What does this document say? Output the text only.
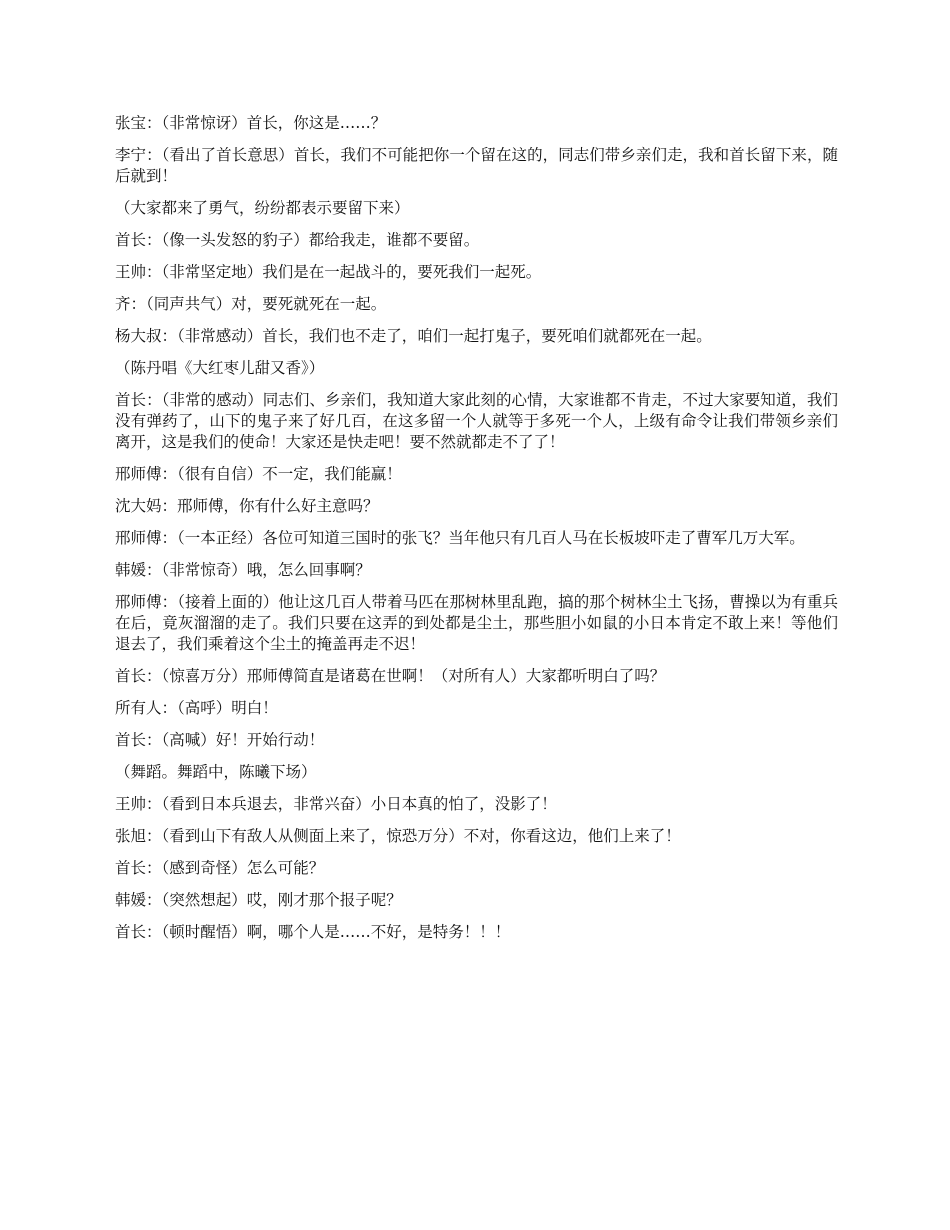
张宝：（非常惊讶）首长，你这是……？

李宁：（看出了首长意思）首长，我们不可能把你一个留在这的，同志们带乡亲们走，我和首长留下来，随后就到！

（大家都来了勇气，纷纷都表示要留下来）

首长：（像一头发怒的豹子）都给我走，谁都不要留。

王帅：（非常坚定地）我们是在一起战斗的，要死我们一起死。

齐：（同声共气）对，要死就死在一起。

杨大叔：（非常感动）首长，我们也不走了，咱们一起打鬼子，要死咱们就都死在一起。

（陈丹唱《大红枣儿甜又香》）

首长：（非常的感动）同志们、乡亲们，我知道大家此刻的心情，大家谁都不肯走，不过大家要知道，我们没有弹药了，山下的鬼子来了好几百，在这多留一个人就等于多死一个人，上级有命令让我们带领乡亲们离开，这是我们的使命！大家还是快走吧！要不然就都走不了了！

邢师傅：（很有自信）不一定，我们能赢！

沈大妈：邢师傅，你有什么好主意吗？

邢师傅：（一本正经）各位可知道三国时的张飞？当年他只有几百人马在长板坡吓走了曹军几万大军。

韩媛：（非常惊奇）哦，怎么回事啊？

邢师傅：（接着上面的）他让这几百人带着马匹在那树林里乱跑，搞的那个树林尘土飞扬，曹操以为有重兵在后，竟灰溜溜的走了。我们只要在这弄的到处都是尘土，那些胆小如鼠的小日本肯定不敢上来！等他们退去了，我们乘着这个尘土的掩盖再走不迟！

首长：（惊喜万分）邢师傅简直是诸葛在世啊！（对所有人）大家都听明白了吗？

所有人：（高呼）明白！

首长：（高喊）好！开始行动！

（舞蹈。舞蹈中，陈曦下场）

王帅：（看到日本兵退去，非常兴奋）小日本真的怕了，没影了！

张旭：（看到山下有敌人从侧面上来了，惊恐万分）不对，你看这边，他们上来了！

首长：（感到奇怪）怎么可能？

韩媛：（突然想起）哎，刚才那个报子呢？

首长：（顿时醒悟）啊，哪个人是……不好，是特务！！！
